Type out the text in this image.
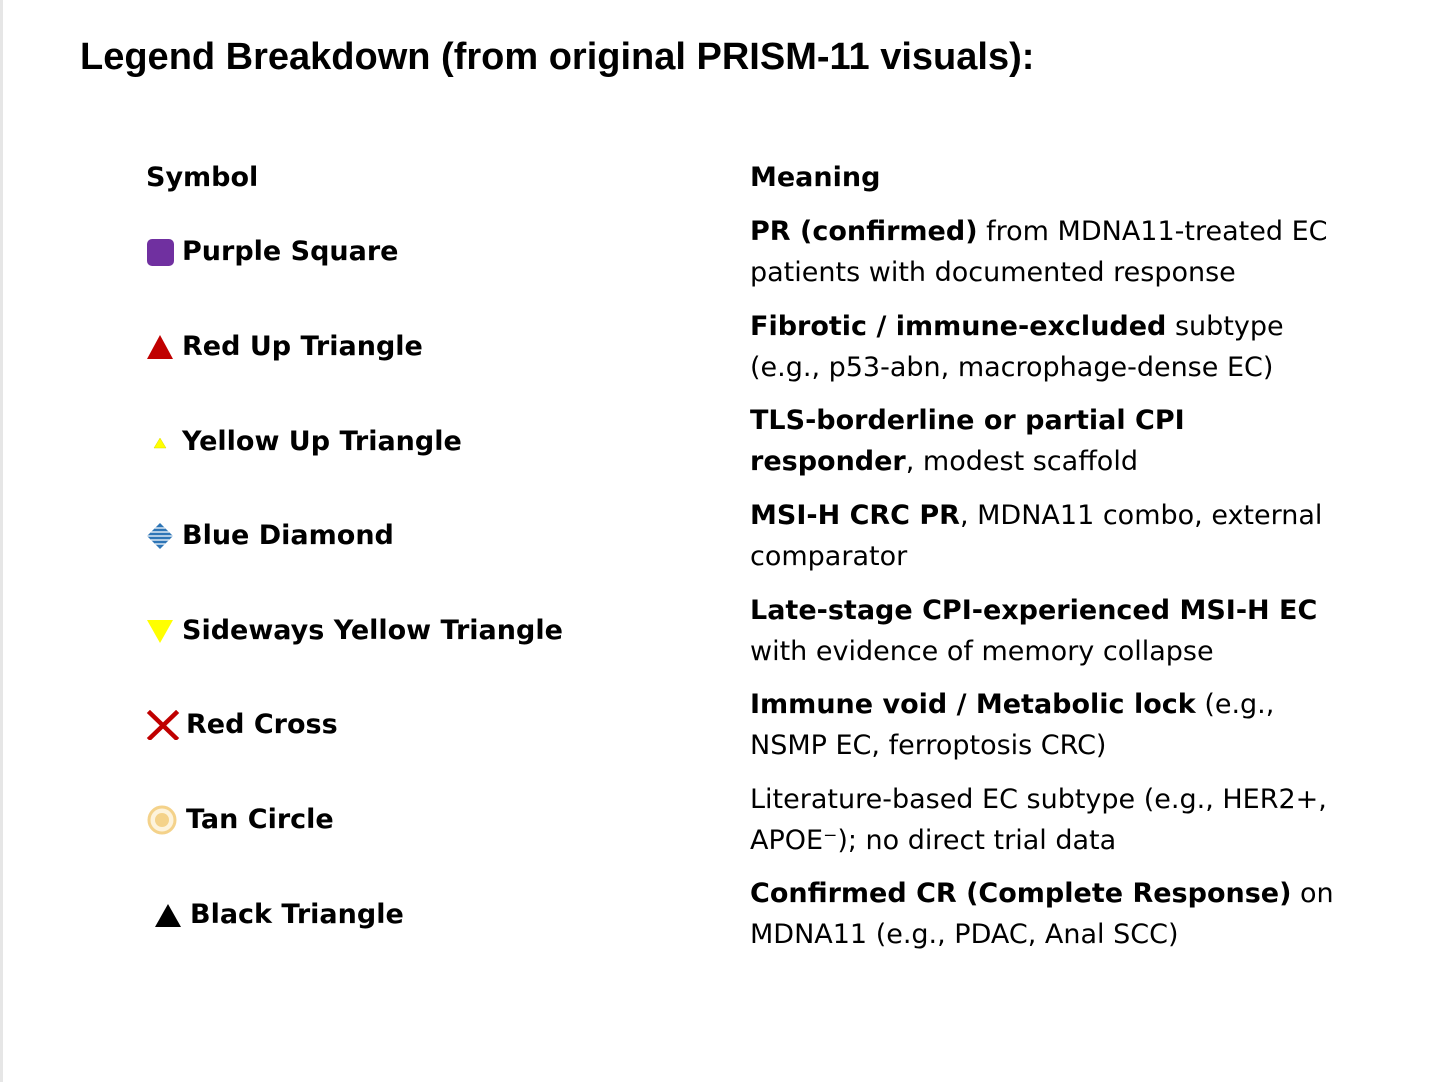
Legend Breakdown (from original PRISM-11 visuals):
Symbol	Meaning
Purple Square
PR (confirmed) from MDNA11-treated EC patients with documented response
Red Up Triangle
Fibrotic / immune-excluded subtype (e.g., p53-abn, macrophage-dense EC)
Yellow Up Triangle
TLS-borderline or partial CPI responder, modest scaffold
Blue Diamond
MSI-H CRC PR, MDNA11 combo, external comparator
Sideways Yellow Triangle
Late-stage CPI-experienced MSI-H EC with evidence of memory collapse
Red Cross
Immune void / Metabolic lock (e.g., NSMP EC, ferroptosis CRC)
Tan Circle
Literature-based EC subtype (e.g., HER2+, APOE⁻); no direct trial data
Black Triangle
Confirmed CR (Complete Response) on MDNA11 (e.g., PDAC, Anal SCC)
